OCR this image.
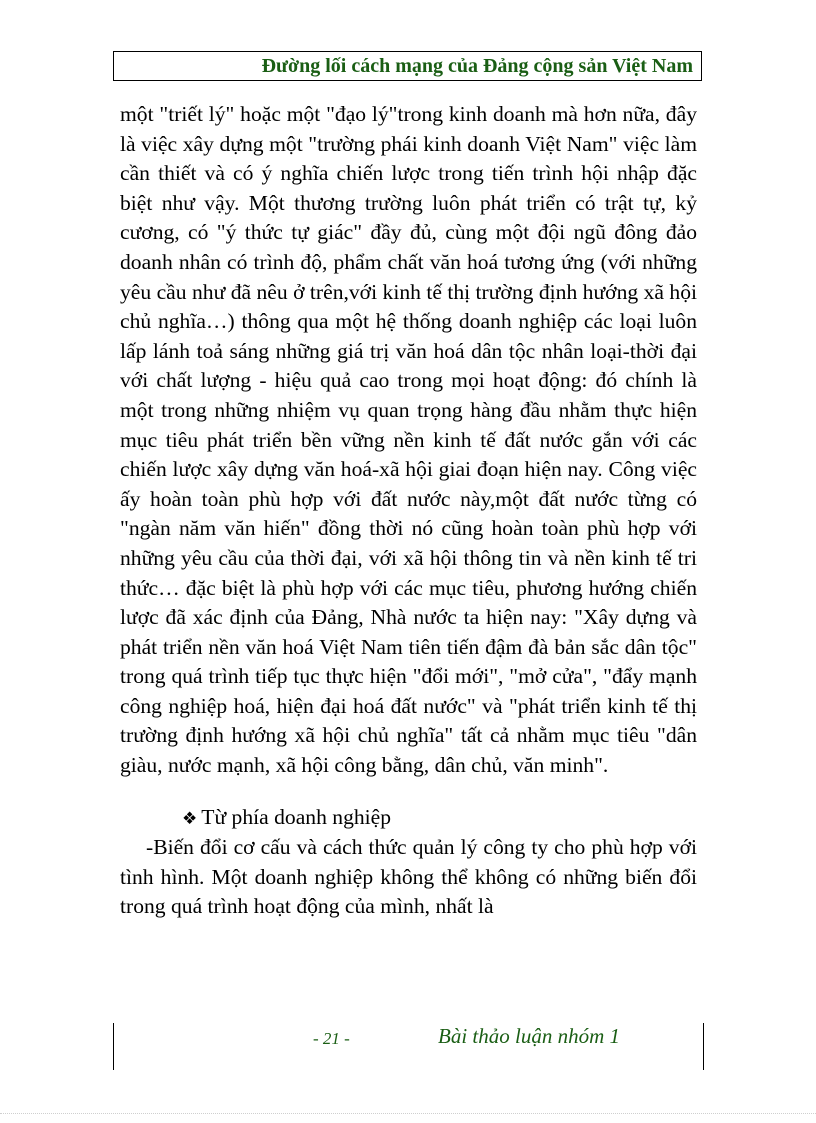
Đường lối cách mạng của Đảng cộng sản Việt Nam

một "triết lý" hoặc một "đạo lý"trong kinh doanh mà hơn nữa, đây là việc xây dựng một "trường phái kinh doanh Việt Nam" việc làm cần thiết và có ý nghĩa chiến lược trong tiến trình hội nhập đặc biệt như vậy. Một thương trường luôn phát triển có trật tự, kỷ cương, có "ý thức tự giác" đầy đủ, cùng một đội ngũ đông đảo doanh nhân có trình độ, phẩm chất văn hoá tương ứng (với những yêu cầu như đã nêu ở trên,với kinh tế thị trường định hướng xã hội chủ nghĩa…) thông qua một hệ thống doanh nghiệp các loại luôn lấp lánh toả sáng những giá trị văn hoá dân tộc nhân loại-thời đại với chất lượng - hiệu quả cao trong mọi hoạt động: đó chính là một trong những nhiệm vụ quan trọng hàng đầu nhằm thực hiện mục tiêu phát triển bền vững nền kinh tế đất nước gắn với các chiến lược xây dựng văn hoá-xã hội giai đoạn hiện nay. Công việc ấy hoàn toàn phù hợp với đất nước này,một đất nước từng có "ngàn năm văn hiến" đồng thời nó cũng hoàn toàn phù hợp với những yêu cầu của thời đại, với xã hội thông tin và nền kinh tế tri thức… đặc biệt là phù hợp với các mục tiêu, phương hướng chiến lược đã xác định của Đảng, Nhà nước ta hiện nay: "Xây dựng và phát triển nền văn hoá Việt Nam tiên tiến đậm đà bản sắc dân tộc" trong quá trình tiếp tục thực hiện "đổi mới", "mở cửa", "đẩy mạnh công nghiệp hoá, hiện đại hoá đất nước" và "phát triển kinh tế thị trường định hướng xã hội chủ nghĩa" tất cả nhằm mục tiêu "dân giàu, nước mạnh, xã hội công bằng, dân chủ, văn minh".

❖ Từ phía doanh nghiệp

-Biến đổi cơ cấu và cách thức quản lý công ty cho phù hợp với tình hình. Một doanh nghiệp không thể không có những biến đổi trong quá trình hoạt động của mình, nhất là

- 21 -	Bài thảo luận nhóm 1
